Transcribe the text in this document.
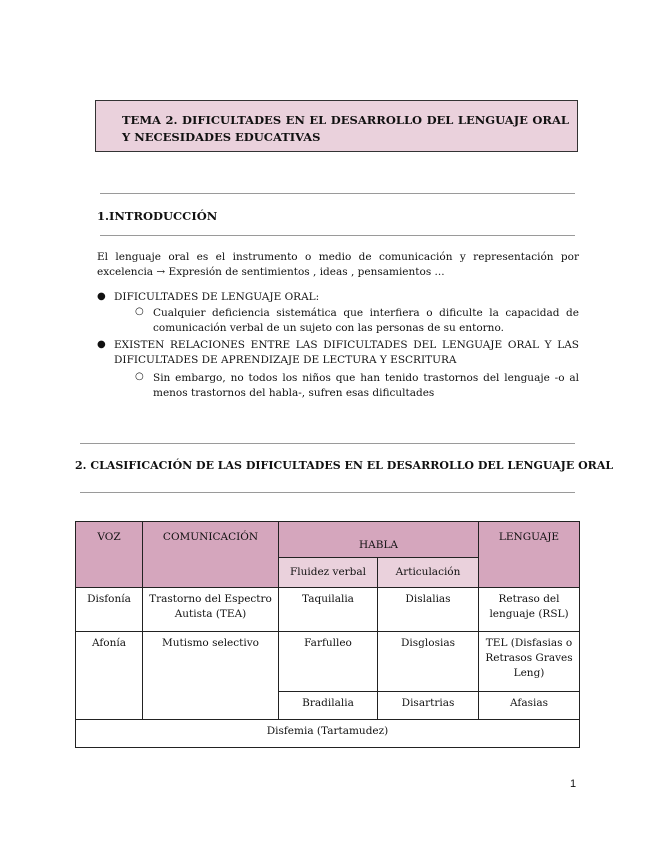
TEMA 2. DIFICULTADES EN EL DESARROLLO DEL LENGUAJE ORAL Y NECESIDADES EDUCATIVAS
1.INTRODUCCIÓN
El lenguaje oral es el instrumento o medio de comunicación y representación por excelencia → Expresión de sentimientos , ideas , pensamientos ...
● DIFICULTADES DE LENGUAJE ORAL:
○ Cualquier deficiencia sistemática que interfiera o dificulte la capacidad de comunicación verbal de un sujeto con las personas de su entorno.
● EXISTEN RELACIONES ENTRE LAS DIFICULTADES DEL LENGUAJE ORAL Y LAS DIFICULTADES DE APRENDIZAJE DE LECTURA Y ESCRITURA
○ Sin embargo, no todos los niños que han tenido trastornos del lenguaje -o al menos trastornos del habla-, sufren esas dificultades
2. CLASIFICACIÓN DE LAS DIFICULTADES EN EL DESARROLLO DEL LENGUAJE ORAL
VOZ	COMUNICACIÓN	HABLA		LENGUAJE
		Fluidez verbal	Articulación	
Disfonía	Trastorno del Espectro Autista (TEA)	Taquilalia	Dislalias	Retraso del lenguaje (RSL)
Afonía	Mutismo selectivo	Farfulleo	Disglosias	TEL (Disfasias o Retrasos Graves Leng)
		Bradilalia	Disartrias	Afasias
Disfemia (Tartamudez)				
1
